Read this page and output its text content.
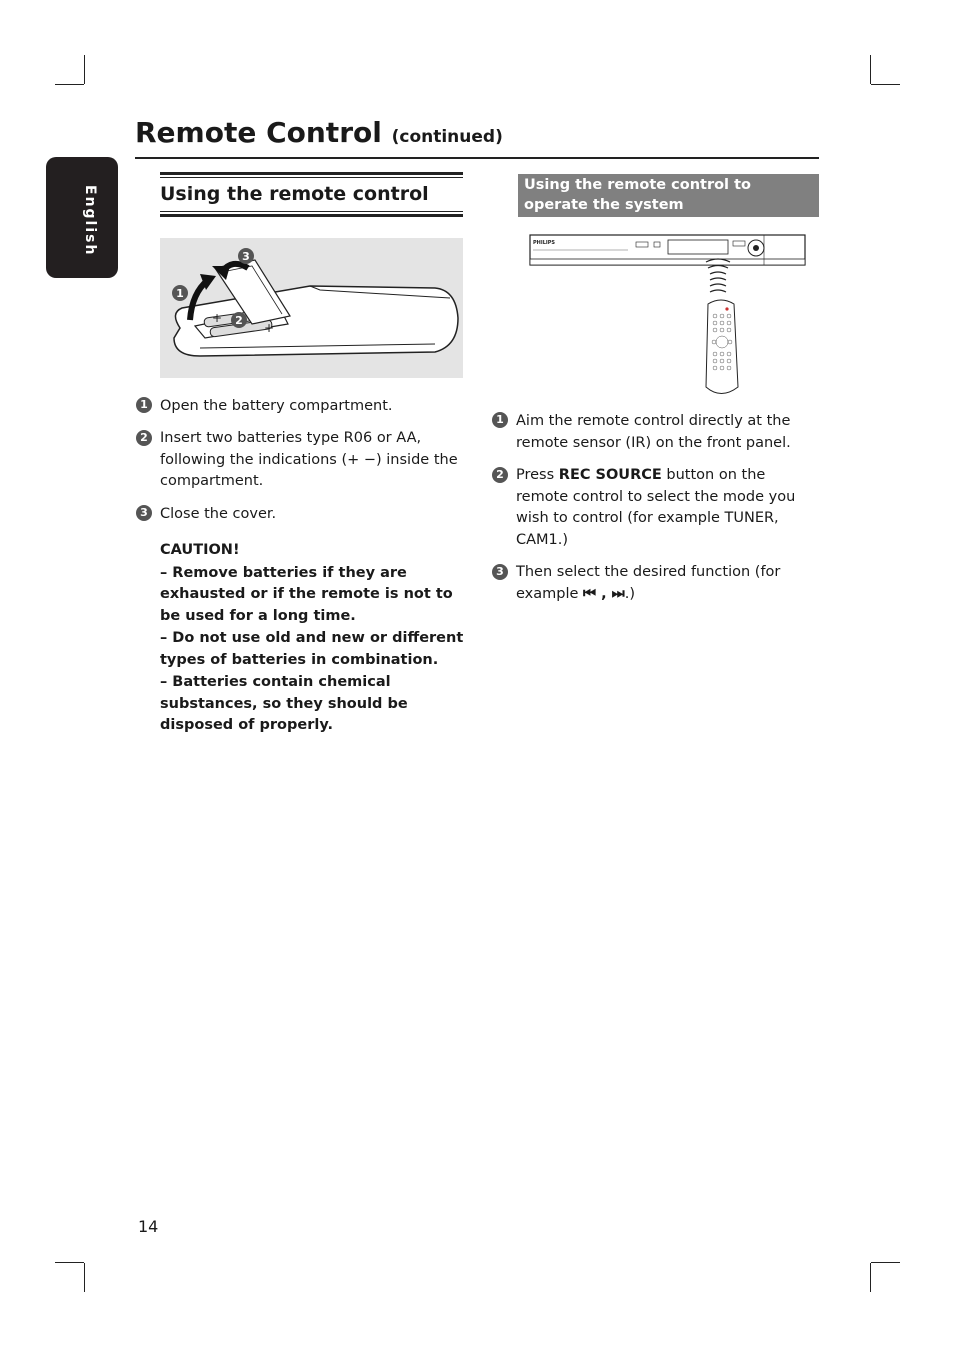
English
Remote Control (continued)
Using the remote control
+
+
1
2
3
1 Open the battery compartment.
2 Insert two batteries type R06 or AA, following the indications (+ −) inside the compartment.
3 Close the cover.

CAUTION!

– Remove batteries if they are exhausted or if the remote is not to be used for a long time.

– Do not use old and new or different types of batteries in combination.

– Batteries contain chemical substances, so they should be disposed of properly.

Using the remote control to operate the system
PHILIPS
1 Aim the remote control directly at the remote sensor (IR) on the front panel.
2 Press REC SOURCE button on the remote control to select the mode you wish to control (for example TUNER, CAM1.)
3 Then select the desired function (for example ⏮ , ⏭.)
14
